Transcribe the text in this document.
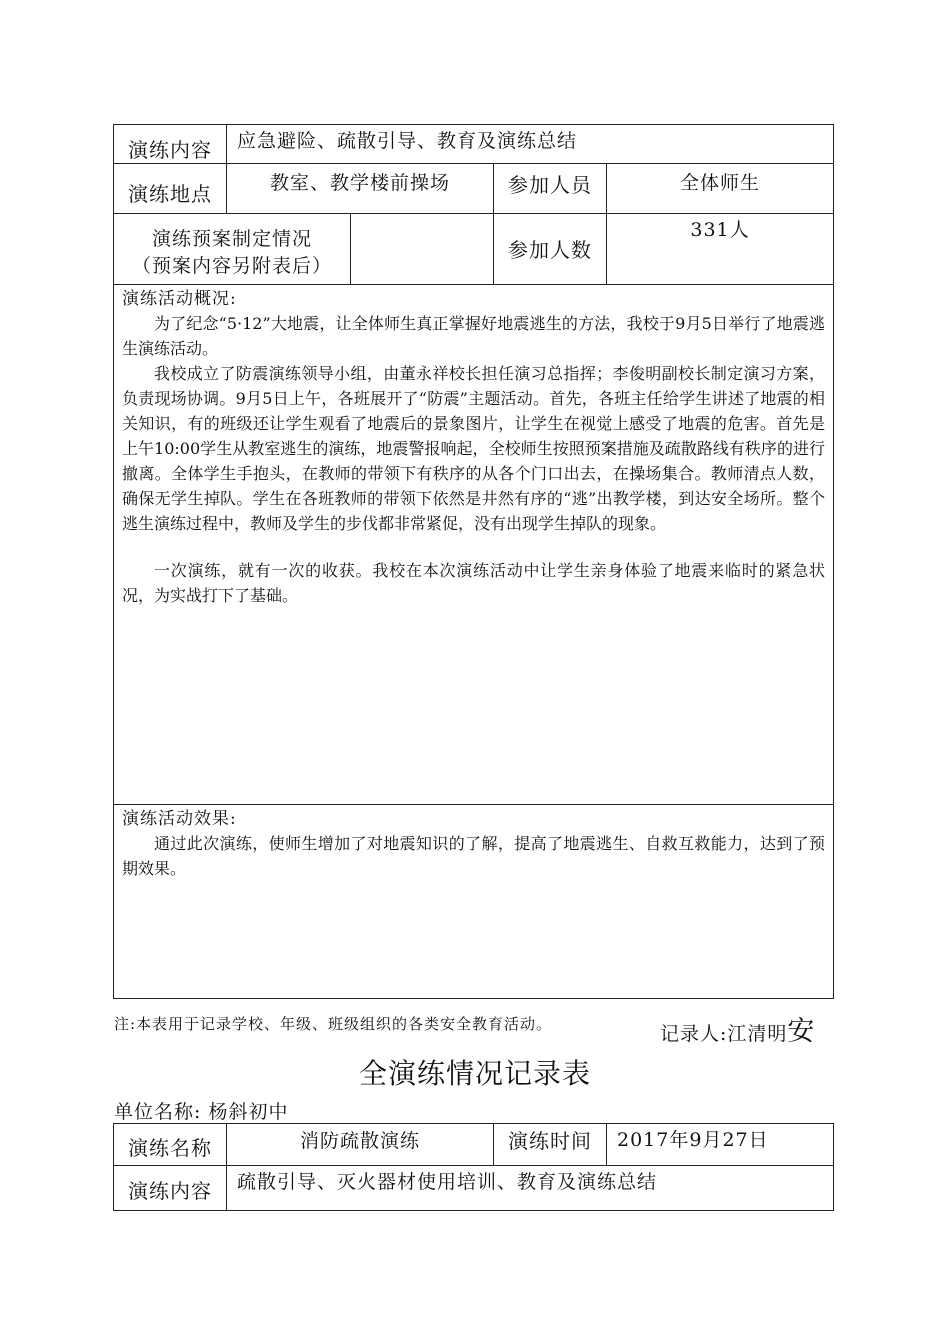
演练内容	应急避险、疏散引导、教育及演练总结			

演练地点	教室、教学楼前操场		参加人员	全体师生

演练预案制定情况
（预案内容另附表后）			参加人数	331人

演练活动概况:

为了纪念“5·12”大地震，让全体师生真正掌握好地震逃生的方法，我校于9月5日举行了地震逃生演练活动。

我校成立了防震演练领导小组，由董永祥校长担任演习总指挥；李俊明副校长制定演习方案，负责现场协调。9月5日上午，各班展开了“防震”主题活动。首先，各班主任给学生讲述了地震的相关知识，有的班级还让学生观看了地震后的景象图片，让学生在视觉上感受了地震的危害。首先是上午10:00学生从教室逃生的演练，地震警报响起，全校师生按照预案措施及疏散路线有秩序的进行撤离。全体学生手抱头，在教师的带领下有秩序的从各个门口出去，在操场集合。教师清点人数，确保无学生掉队。学生在各班教师的带领下依然是井然有序的“逃”出教学楼，到达安全场所。整个逃生演练过程中，教师及学生的步伐都非常紧促，没有出现学生掉队的现象。

一次演练，就有一次的收获。我校在本次演练活动中让学生亲身体验了地震来临时的紧急状况，为实战打下了基础。				

演练活动效果:

通过此次演练，使师生增加了对地震知识的了解，提高了地震逃生、自救互救能力，达到了预期效果。				

注:本表用于记录学校、年级、班级组织的各类安全教育活动。	记录人:江清明安
全演练情况记录表
单位名称: 杨斜初中
演练名称	消防疏散演练	演练时间	2017年9月27日

演练内容	疏散引导、灭火器材使用培训、教育及演练总结		
